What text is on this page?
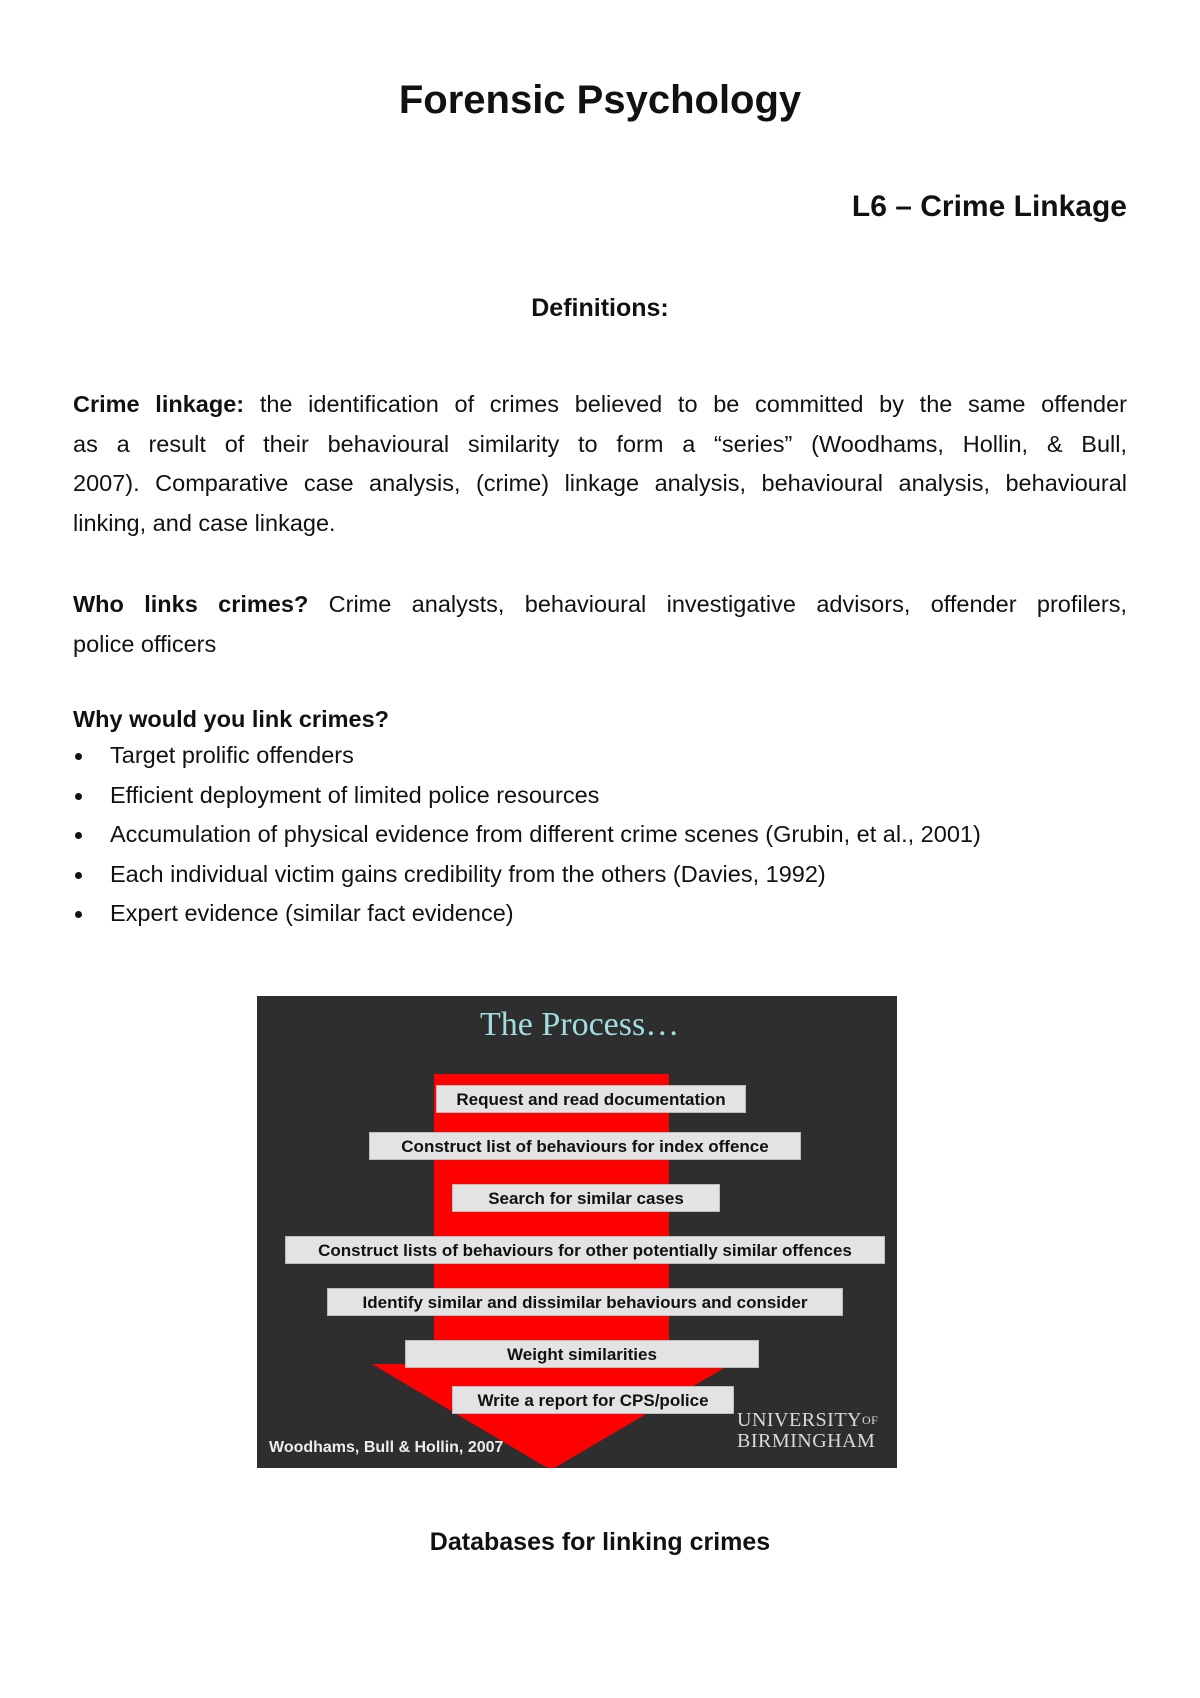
Forensic Psychology
L6 – Crime Linkage
Definitions:
Crime linkage: the identification of crimes believed to be committed by the same offender
as a result of their behavioural similarity to form a “series” (Woodhams, Hollin, & Bull,
2007). Comparative case analysis, (crime) linkage analysis, behavioural analysis, behavioural
linking, and case linkage.
Who links crimes? Crime analysts, behavioural investigative advisors, offender profilers,
police officers
Why would you link crimes?
Target prolific offenders
Efficient deployment of limited police resources
Accumulation of physical evidence from different crime scenes (Grubin, et al., 2001)
Each individual victim gains credibility from the others (Davies, 1992)
Expert evidence (similar fact evidence)
The Process…
Request and read documentation
Construct list of behaviours for index offence
Search for similar cases
Construct lists of behaviours for other potentially similar offences
Identify similar and dissimilar behaviours and consider
Weight similarities
Write a report for CPS/police
Woodhams, Bull & Hollin, 2007
$UNIVERSITY^{OF}$
BIRMINGHAM
Databases for linking crimes
